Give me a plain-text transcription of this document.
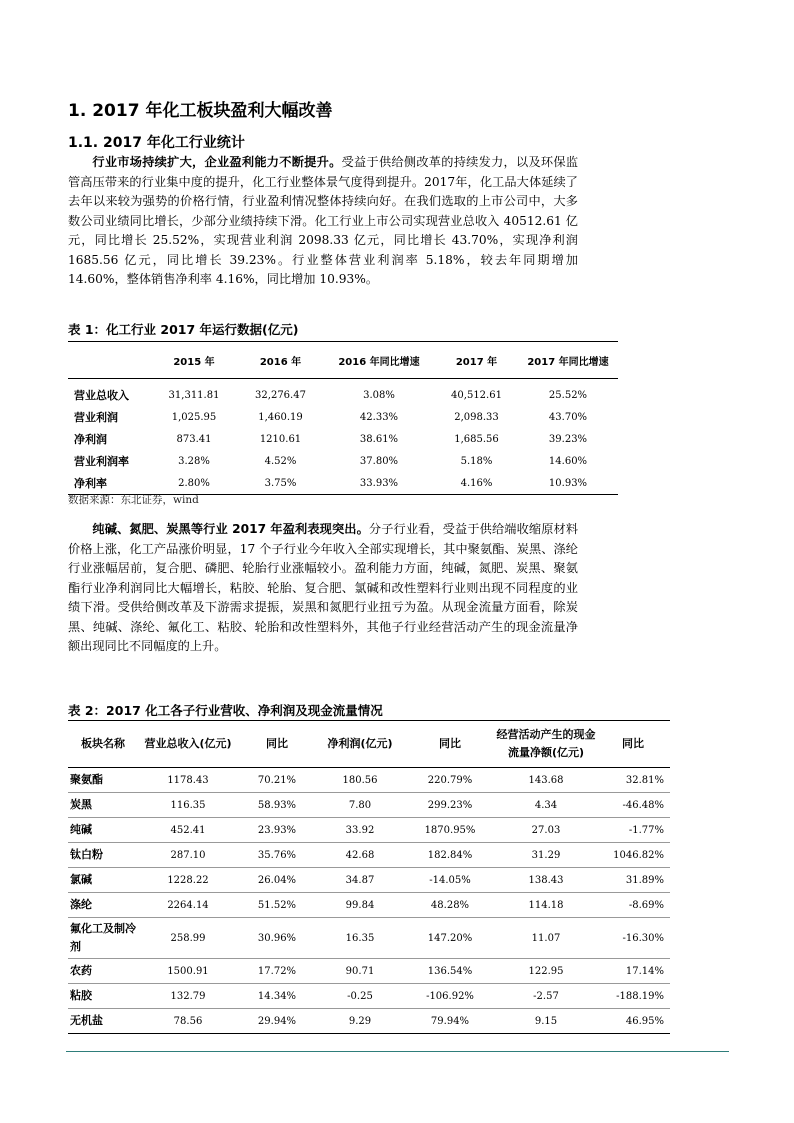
1. 2017 年化工板块盈利大幅改善
1.1. 2017 年化工行业统计

行业市场持续扩大，企业盈利能力不断提升。受益于供给侧改革的持续发力，以及环保监管高压带来的行业集中度的提升，化工行业整体景气度得到提升。2017年，化工品大体延续了去年以来较为强势的价格行情，行业盈利情况整体持续向好。在我们选取的上市公司中，大多数公司业绩同比增长，少部分业绩持续下滑。化工行业上市公司实现营业总收入 40512.61 亿元，同比增长 25.52%，实现营业利润 2098.33 亿元，同比增长 43.70%，实现净利润 1685.56 亿元，同比增长 39.23%。行业整体营业利润率 5.18%，较去年同期增加 14.60%，整体销售净利率 4.16%，同比增加 10.93%。

表 1：化工行业 2017 年运行数据(亿元)
	2015 年	2016 年	2016 年同比增速	2017 年	2017 年同比增速
营业总收入	31,311.81	32,276.47	3.08%	40,512.61	25.52%
营业利润	1,025.95	1,460.19	42.33%	2,098.33	43.70%
净利润	873.41	1210.61	38.61%	1,685.56	39.23%
营业利润率	3.28%	4.52%	37.80%	5.18%	14.60%
净利率	2.80%	3.75%	33.93%	4.16%	10.93%
数据来源：东北证券，wind

纯碱、氮肥、炭黑等行业 2017 年盈利表现突出。分子行业看，受益于供给端收缩原材料价格上涨，化工产品涨价明显，17 个子行业今年收入全部实现增长，其中聚氨酯、炭黑、涤纶行业涨幅居前，复合肥、磷肥、轮胎行业涨幅较小。盈利能力方面，纯碱，氮肥、炭黑、聚氨酯行业净利润同比大幅增长，粘胶、轮胎、复合肥、氯碱和改性塑料行业则出现不同程度的业绩下滑。受供给侧改革及下游需求提振，炭黑和氮肥行业扭亏为盈。从现金流量方面看，除炭黑、纯碱、涤纶、氟化工、粘胶、轮胎和改性塑料外，其他子行业经营活动产生的现金流量净额出现同比不同幅度的上升。

表 2：2017 化工各子行业营收、净利润及现金流量情况
板块名称	营业总收入(亿元)	同比	净利润(亿元)	同比	经营活动产生的现金流量净额(亿元)	同比
聚氨酯	1178.43	70.21%	180.56	220.79%	143.68	32.81%
炭黑	116.35	58.93%	7.80	299.23%	4.34	-46.48%
纯碱	452.41	23.93%	33.92	1870.95%	27.03	-1.77%
钛白粉	287.10	35.76%	42.68	182.84%	31.29	1046.82%
氯碱	1228.22	26.04%	34.87	-14.05%	138.43	31.89%
涤纶	2264.14	51.52%	99.84	48.28%	114.18	-8.69%
氟化工及制冷剂	258.99	30.96%	16.35	147.20%	11.07	-16.30%
农药	1500.91	17.72%	90.71	136.54%	122.95	17.14%
粘胶	132.79	14.34%	-0.25	-106.92%	-2.57	-188.19%
无机盐	78.56	29.94%	9.29	79.94%	9.15	46.95%
